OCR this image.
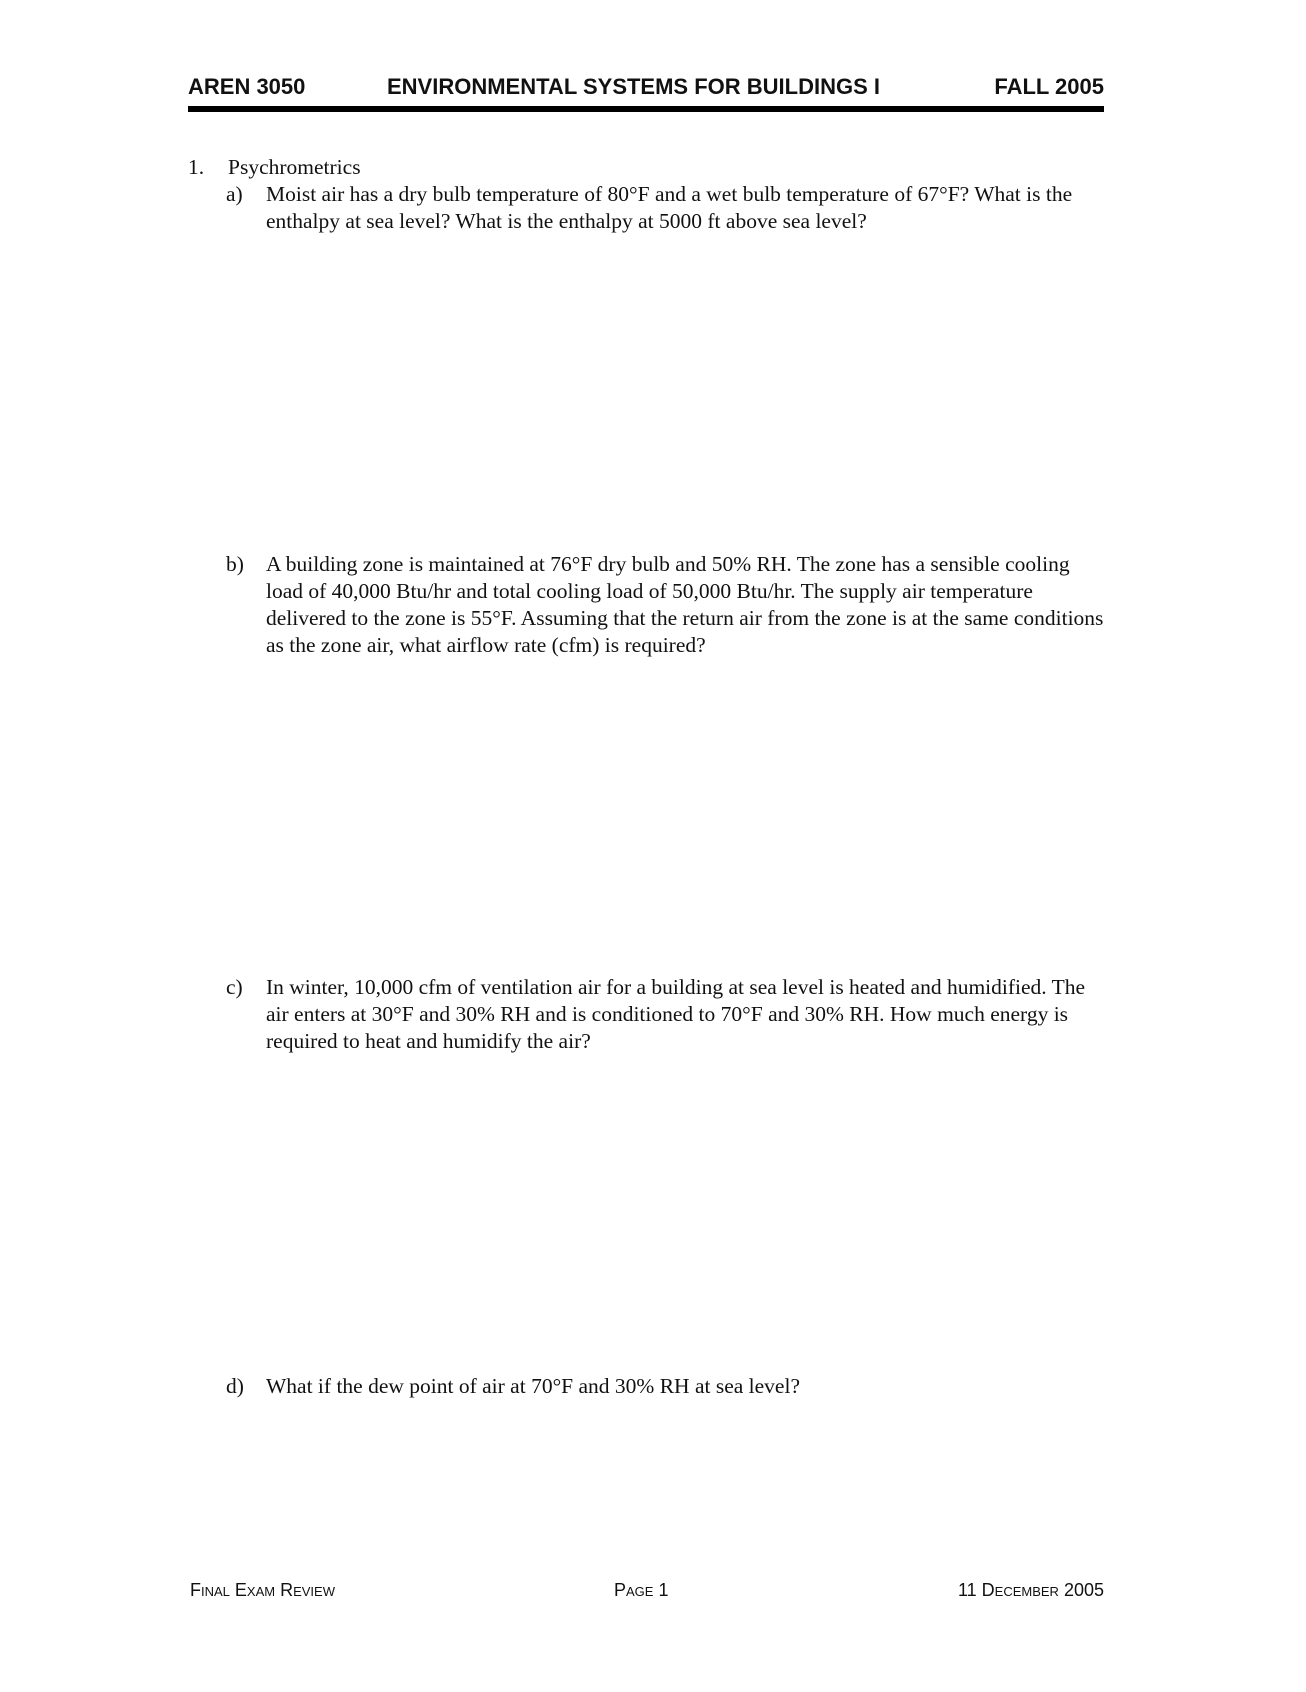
AREN 3050	ENVIRONMENTAL SYSTEMS FOR BUILDINGS I	FALL 2005
1. Psychrometrics
a) Moist air has a dry bulb temperature of 80°F and a wet bulb temperature of 67°F? What is the enthalpy at sea level? What is the enthalpy at 5000 ft above sea level?
b) A building zone is maintained at 76°F dry bulb and 50% RH. The zone has a sensible cooling load of 40,000 Btu/hr and total cooling load of 50,000 Btu/hr. The supply air temperature delivered to the zone is 55°F. Assuming that the return air from the zone is at the same conditions as the zone air, what airflow rate (cfm) is required?
c) In winter, 10,000 cfm of ventilation air for a building at sea level is heated and humidified. The air enters at 30°F and 30% RH and is conditioned to 70°F and 30% RH. How much energy is required to heat and humidify the air?
d) What if the dew point of air at 70°F and 30% RH at sea level?
Final Exam Review	Page 1	11 December 2005
